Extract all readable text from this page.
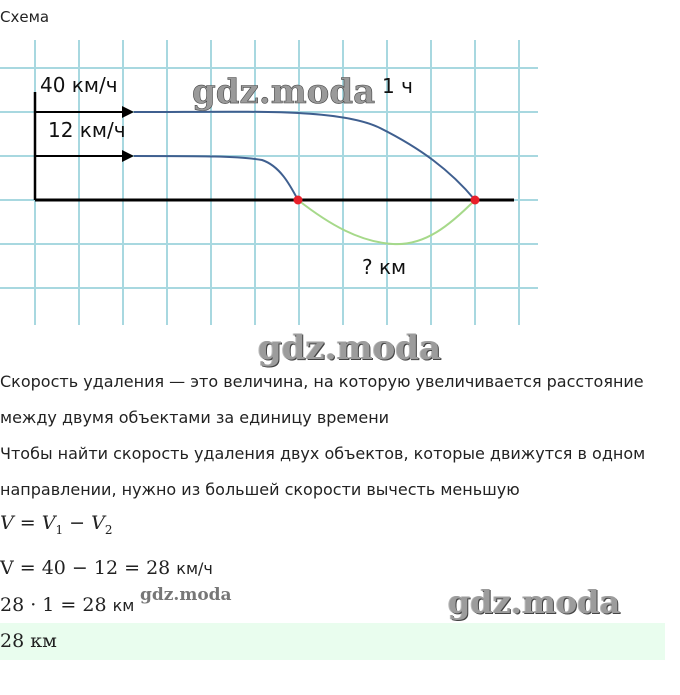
Схема
40 км/ч
12 км/ч
1 ч
? км
gdz.moda
gdz.moda
Скорость удаления — это величина, на которую увеличивается расстояние
между двумя объектами за единицу времени
Чтобы найти скорость удаления двух объектов, которые движутся в одном
направлении, нужно из большей скорости вычесть меньшую
$V = V_1 - V_2$
V = 40 − 12 = 28 км/ч
28 · 1 = 28 км
gdz.moda	gdz.moda
28 км
